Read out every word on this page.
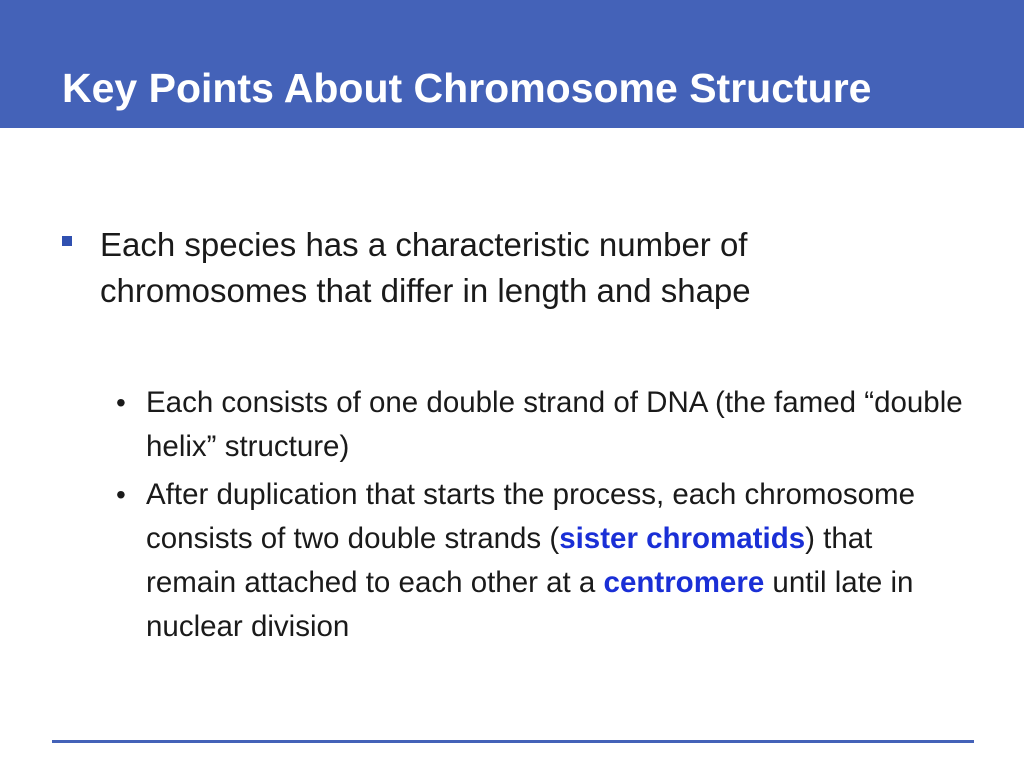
Key Points About Chromosome Structure

Each species has a characteristic number of chromosomes that differ in length and shape

• Each consists of one double strand of DNA (the famed “double helix” structure)

• After duplication that starts the process, each chromosome consists of two double strands (sister chromatids) that remain attached to each other at a centromere until late in nuclear division
